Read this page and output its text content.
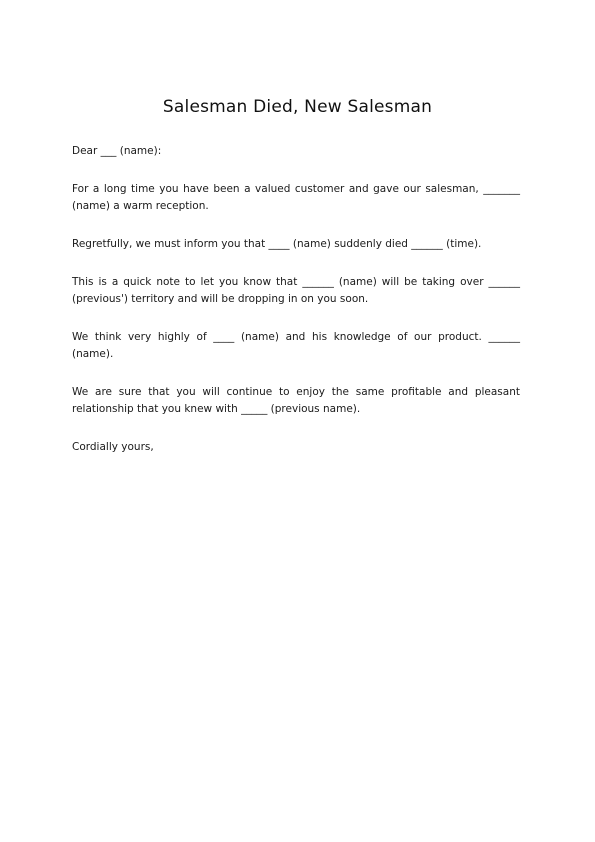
Salesman Died, New Salesman

Dear ___ (name):

For a long time you have been a valued customer and gave our salesman, _______ (name) a warm reception.

Regretfully, we must inform you that ____ (name) suddenly died ______ (time).

This is a quick note to let you know that ______ (name) will be taking over ______ (previous') territory and will be dropping in on you soon.

We think very highly of ____ (name) and his knowledge of our product. ______ (name).

We are sure that you will continue to enjoy the same profitable and pleasant relationship that you knew with _____ (previous name).

Cordially yours,
